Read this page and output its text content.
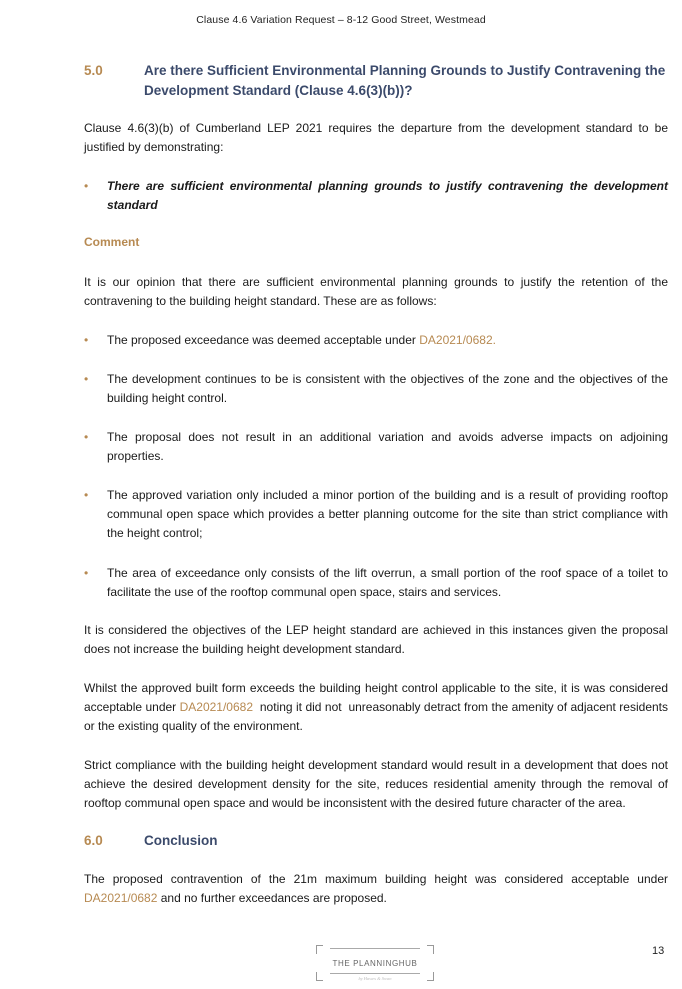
Clause 4.6 Variation Request – 8-12 Good Street, Westmead
5.0	Are there Sufficient Environmental Planning Grounds to Justify Contravening the Development Standard (Clause 4.6(3)(b))?
Clause 4.6(3)(b) of Cumberland LEP 2021 requires the departure from the development standard to be justified by demonstrating:
• There are sufficient environmental planning grounds to justify contravening the development standard
Comment
It is our opinion that there are sufficient environmental planning grounds to justify the retention of the contravening to the building height standard. These are as follows:
• The proposed exceedance was deemed acceptable under DA2021/0682.
• The development continues to be is consistent with the objectives of the zone and the objectives of the building height control.
• The proposal does not result in an additional variation and avoids adverse impacts on adjoining properties.
• The approved variation only included a minor portion of the building and is a result of providing rooftop communal open space which provides a better planning outcome for the site than strict compliance with the height control;
• The area of exceedance only consists of the lift overrun, a small portion of the roof space of a toilet to facilitate the use of the rooftop communal open space, stairs and services.
It is considered the objectives of the LEP height standard are achieved in this instances given the proposal does not increase the building height development standard.
Whilst the approved built form exceeds the building height control applicable to the site, it is was considered acceptable under DA2021/0682  noting it did not  unreasonably detract from the amenity of adjacent residents or the existing quality of the environment.
Strict compliance with the building height development standard would result in a development that does not achieve the desired development density for the site, reduces residential amenity through the removal of rooftop communal open space and would be inconsistent with the desired future character of the area.
6.0	Conclusion
The proposed contravention of the 21m maximum building height was considered acceptable under DA2021/0682 and no further exceedances are proposed.
THE PLANNINGHUB
by Hawes & Swan
13
